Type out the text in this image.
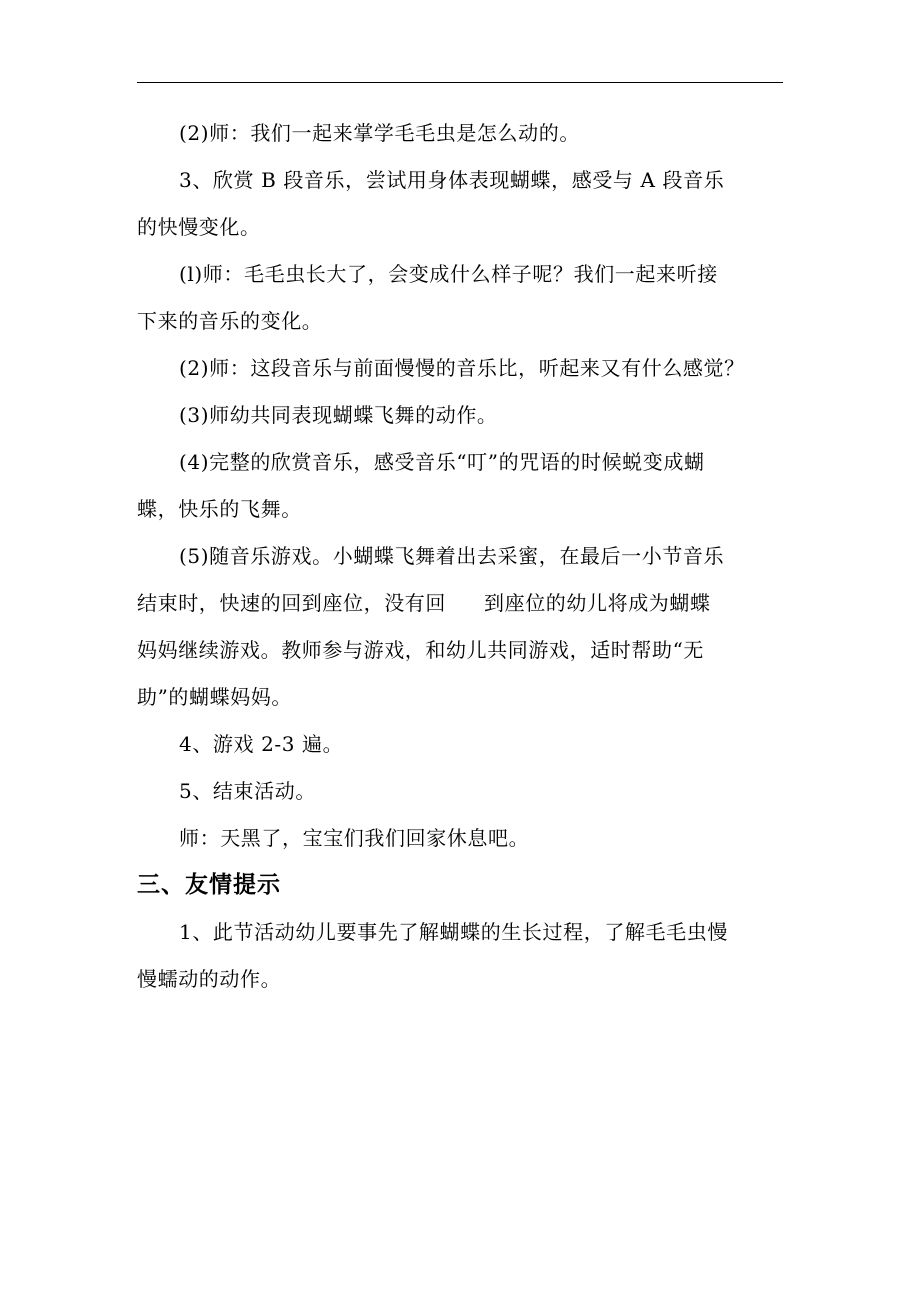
(2)师：我们一起来掌学毛毛虫是怎么动的。
3、欣赏 B 段音乐，尝试用身体表现蝴蝶，感受与 A 段音乐
的快慢变化。
(l)师：毛毛虫长大了，会变成什么样子呢？我们一起来听接
下来的音乐的变化。
(2)师：这段音乐与前面慢慢的音乐比，听起来又有什么感觉？
(3)师幼共同表现蝴蝶飞舞的动作。
(4)完整的欣赏音乐，感受音乐“叮”的咒语的时候蜕变成蝴
蝶，快乐的飞舞。
(5)随音乐游戏。小蝴蝶飞舞着出去采蜜，在最后一小节音乐
结束时，快速的回到座位，没有回 到座位的幼儿将成为蝴蝶
妈妈继续游戏。教师参与游戏，和幼儿共同游戏，适时帮助“无
助”的蝴蝶妈妈。
4、游戏 2-3 遍。
5、结束活动。
师：天黑了，宝宝们我们回家休息吧。
三、友情提示
1、此节活动幼儿要事先了解蝴蝶的生长过程，了解毛毛虫慢
慢蠕动的动作。
